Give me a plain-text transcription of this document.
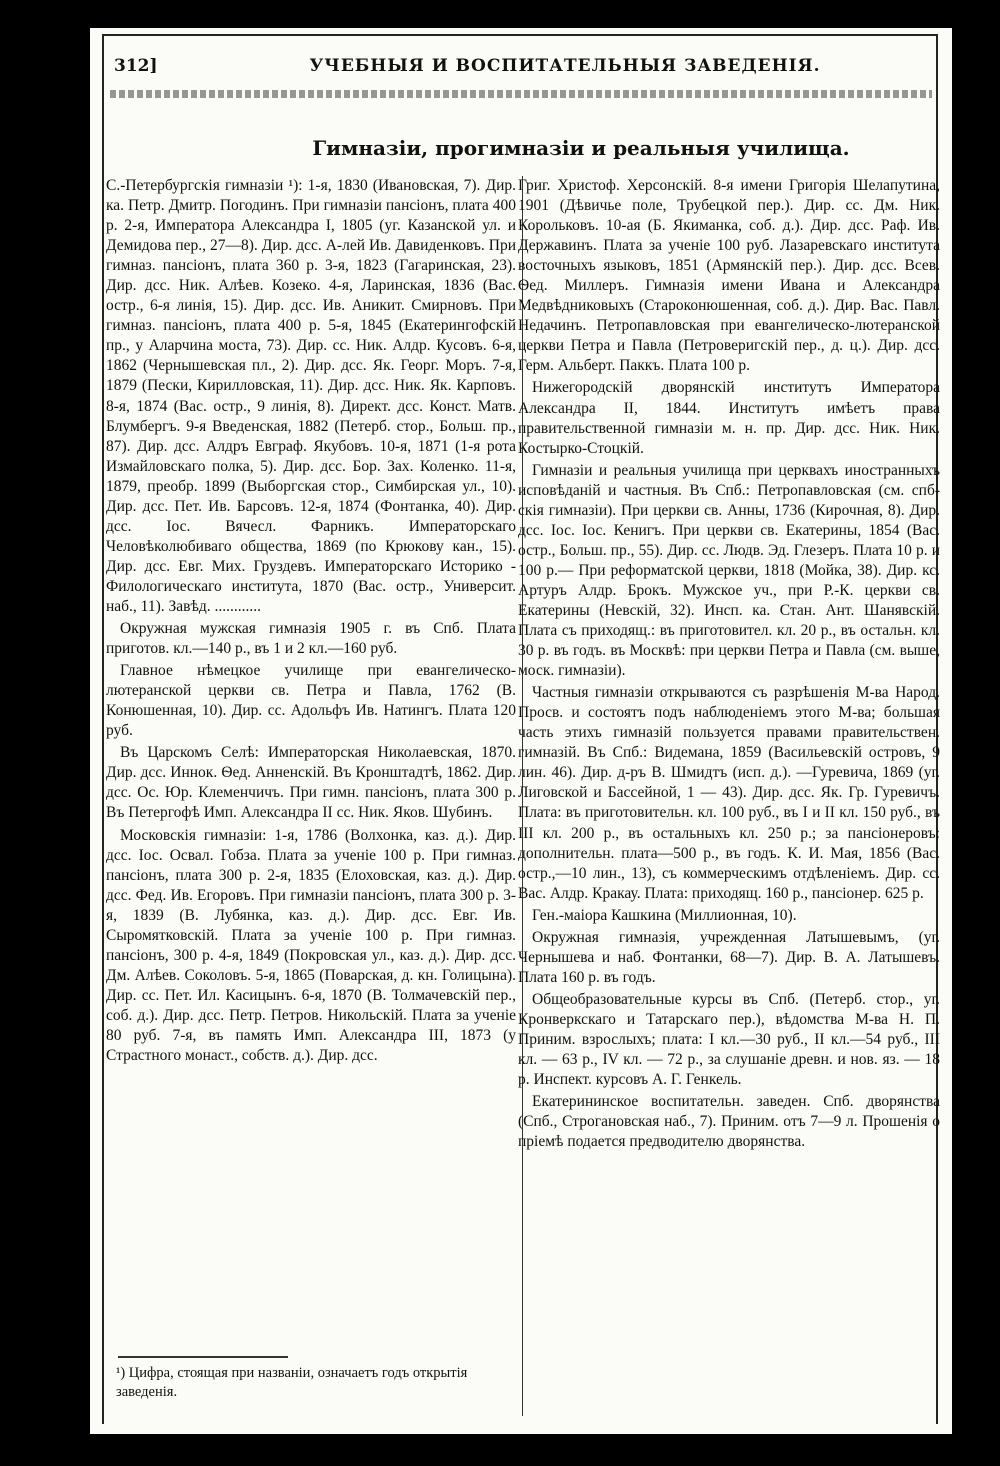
312]	УЧЕБНЫЯ И ВОСПИТАТЕЛЬНЫЯ ЗАВЕДЕНІЯ.
Гимназіи, прогимназіи и реальныя училища.

С.-Петербургскія гимназіи ¹): 1-я, 1830 (Ивановская, 7). Дир. ка. Петр. Дмитр. Погодинъ. При гимназіи пансіонъ, плата 400 р. 2-я, Императора Александра I, 1805 (уг. Казанской ул. и Демидова пер., 27—8). Дир. дсс. А-лей Ив. Давиденковъ. При гимназ. пансіонъ, плата 360 р. 3-я, 1823 (Гагаринская, 23). Дир. дсс. Ник. Алѣев. Козеко. 4-я, Ларинская, 1836 (Вас. остр., 6-я линія, 15). Дир. дсс. Ив. Аникит. Смирновъ. При гимназ. пансіонъ, плата 400 р. 5-я, 1845 (Екатерингофскій пр., у Аларчина моста, 73). Дир. сс. Ник. Алдр. Кусовъ. 6-я, 1862 (Чернышевская пл., 2). Дир. дсс. Як. Георг. Моръ. 7-я, 1879 (Пески, Кирилловская, 11). Дир. дсс. Ник. Як. Карповъ. 8-я, 1874 (Вас. остр., 9 линія, 8). Директ. дсс. Конст. Матв. Блумбергъ. 9-я Введенская, 1882 (Петерб. стор., Больш. пр., 87). Дир. дсс. Алдръ Евграф. Якубовъ. 10-я, 1871 (1-я рота Измайловскаго полка, 5). Дир. дсс. Бор. Зах. Коленко. 11-я, 1879, преобр. 1899 (Выборгская стор., Симбирская ул., 10). Дир. дсс. Пет. Ив. Барсовъ. 12-я, 1874 (Фонтанка, 40). Дир. дсс. Іос. Вячесл. Фарникъ. Императорскаго Человѣколюбиваго общества, 1869 (по Крюкову кан., 15). Дир. дсс. Евг. Мих. Груздевъ. Императорскаго Историко - Филологическаго института, 1870 (Вас. остр., Университ. наб., 11). Завѣд. ............

Окружная мужская гимназія 1905 г. въ Спб. Плата приготов. кл.—140 р., въ 1 и 2 кл.—160 руб.

Главное нѣмецкое училище при евангелическо-лютеранской церкви св. Петра и Павла, 1762 (В. Конюшенная, 10). Дир. сс. Адольфъ Ив. Натингъ. Плата 120 руб.

Въ Царскомъ Селѣ: Императорская Николаевская, 1870. Дир. дсс. Иннок. Ѳед. Анненскій. Въ Кронштадтѣ, 1862. Дир. дсс. Ос. Юр. Клеменчичъ. При гимн. пансіонъ, плата 300 р. Въ Петергофѣ Имп. Александра II сс. Ник. Яков. Шубинъ.

Московскія гимназіи: 1-я, 1786 (Волхонка, каз. д.). Дир. дсс. Іос. Освал. Гобза. Плата за ученіе 100 р. При гимназ. пансіонъ, плата 300 р. 2-я, 1835 (Елоховская, каз. д.). Дир. дсс. Фед. Ив. Егоровъ. При гимназіи пансіонъ, плата 300 р. 3-я, 1839 (В. Лубянка, каз. д.). Дир. дсс. Евг. Ив. Сыромятковскій. Плата за ученіе 100 р. При гимназ. пансіонъ, 300 р. 4-я, 1849 (Покровская ул., каз. д.). Дир. дсс. Дм. Алѣев. Соколовъ. 5-я, 1865 (Поварская, д. кн. Голицына). Дир. сс. Пет. Ил. Касицынъ. 6-я, 1870 (В. Толмачевскій пер., соб. д.). Дир. дсс. Петр. Петров. Никольскій. Плата за ученіе 80 руб. 7-я, въ память Имп. Александра III, 1873 (у Страстного монаст., собств. д.). Дир. дсс.

Григ. Христоф. Херсонскій. 8-я имени Григорія Шелапутина, 1901 (Дѣвичье поле, Трубецкой пер.). Дир. сс. Дм. Ник. Корольковъ. 10-ая (Б. Якиманка, соб. д.). Дир. дсс. Раф. Ив. Державинъ. Плата за ученіе 100 руб. Лазаревскаго института восточныхъ языковъ, 1851 (Армянскій пер.). Дир. дсс. Всев. Ѳед. Миллеръ. Гимназія имени Ивана и Александра Медвѣдниковыхъ (Староконюшенная, соб. д.). Дир. Вас. Павл. Недачинъ. Петропавловская при евангелическо-лютеранской церкви Петра и Павла (Петроверигскій пер., д. ц.). Дир. дсс. Герм. Альберт. Паккъ. Плата 100 р.

Нижегородскій дворянскій институтъ Императора Александра II, 1844. Институтъ имѣетъ права правительственной гимназіи м. н. пр. Дир. дсс. Ник. Ник. Костырко-Стоцкій.

Гимназіи и реальныя училища при церквахъ иностранныхъ исповѣданій и частныя. Въ Спб.: Петропавловская (см. спб-скія гимназіи). При церкви св. Анны, 1736 (Кирочная, 8). Дир. дсс. Іос. Іос. Кенигъ. При церкви св. Екатерины, 1854 (Вас. остр., Больш. пр., 55). Дир. сс. Людв. Эд. Глезеръ. Плата 10 р. и 100 р.— При реформатской церкви, 1818 (Мойка, 38). Дир. кс. Артуръ Алдр. Брокъ. Мужское уч., при Р.-К. церкви св. Екатерины (Невскій, 32). Инсп. ка. Стан. Ант. Шанявскій. Плата съ приходящ.: въ приготовител. кл. 20 р., въ остальн. кл. 30 р. въ годъ. въ Москвѣ: при церкви Петра и Павла (см. выше, моск. гимназіи).

Частныя гимназіи открываются съ разрѣшенія М-ва Народ. Просв. и состоятъ подъ наблюденіемъ этого М-ва; большая часть этихъ гимназій пользуется правами правительствен. гимназій. Въ Спб.: Видемана, 1859 (Васильевскій островъ, 9 лин. 46). Дир. д-ръ В. Шмидтъ (исп. д.). —Гуревича, 1869 (уг. Лиговской и Бассейной, 1 — 43). Дир. дсс. Як. Гр. Гуревичъ. Плата: въ приготовительн. кл. 100 руб., въ I и II кл. 150 руб., въ III кл. 200 р., въ остальныхъ кл. 250 р.; за пансіонеровъ: дополнительн. плата—500 р., въ годъ. К. И. Мая, 1856 (Вас. остр.,—10 лин., 13), съ коммерческимъ отдѣленіемъ. Дир. сс. Вас. Алдр. Кракау. Плата: приходящ. 160 р., пансіонер. 625 р.

Ген.-маіора Кашкина (Миллионная, 10).

Окружная гимназія, учрежденная Латышевымъ, (уг. Чернышева и наб. Фонтанки, 68—7). Дир. В. А. Латышевъ. Плата 160 р. въ годъ.

Общеобразовательные курсы въ Спб. (Петерб. стор., уг. Кронверкскаго и Татарскаго пер.), вѣдомства М-ва Н. П. Приним. взрослыхъ; плата: I кл.—30 руб., II кл.—54 руб., III кл. — 63 р., IV кл. — 72 р., за слушаніе древн. и нов. яз. — 18 р. Инспект. курсовъ А. Г. Генкель.

Екатерининское воспитательн. заведен. Спб. дворянства (Спб., Строгановская наб., 7). Приним. отъ 7—9 л. Прошенія о пріемѣ подается предводителю дворянства.

¹) Цифра, стоящая при названіи, означаетъ годъ открытія заведенія.
